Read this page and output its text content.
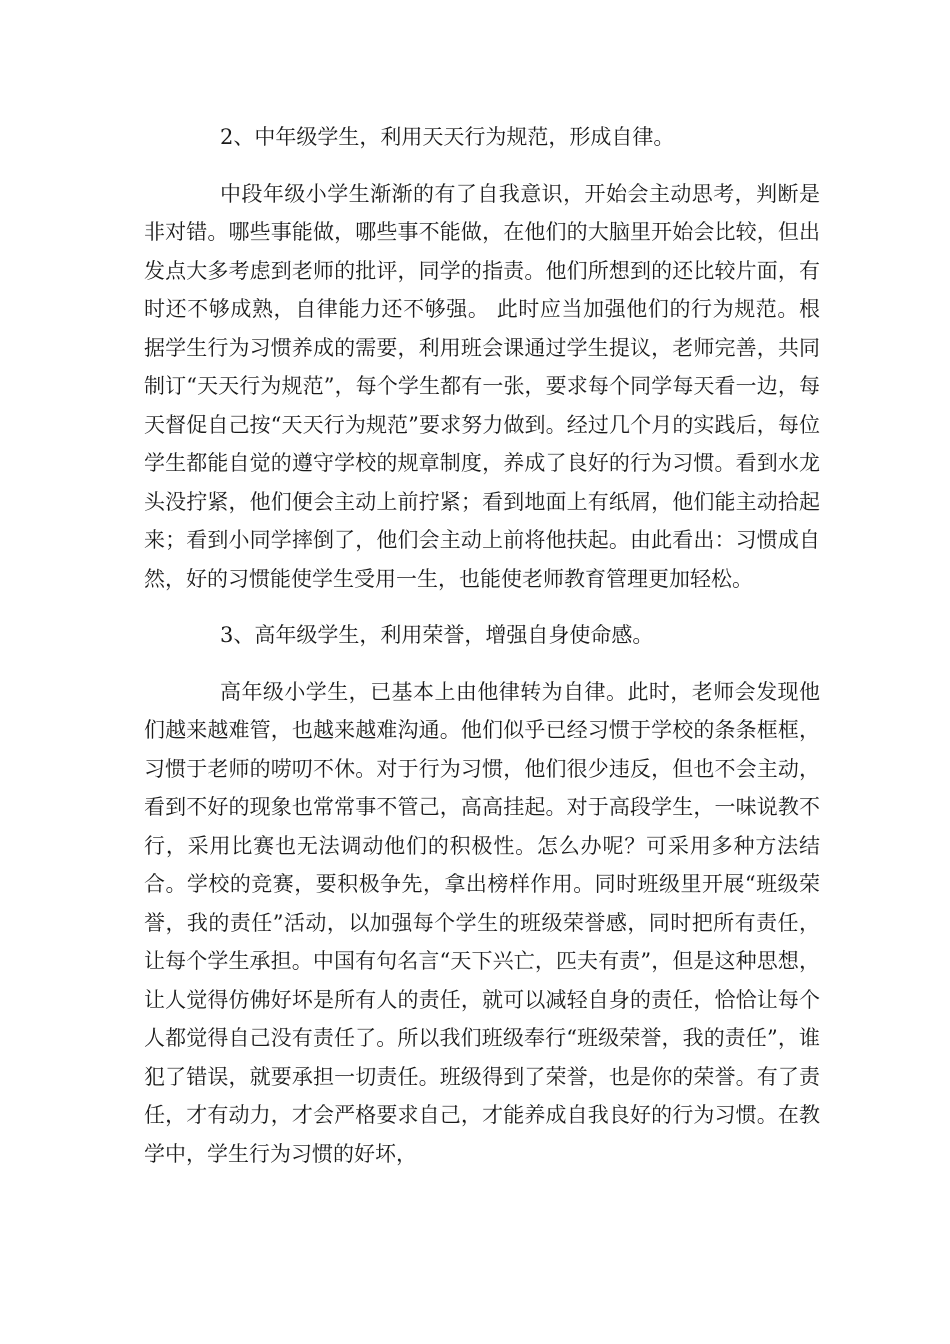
2、中年级学生，利用天天行为规范，形成自律。

中段年级小学生渐渐的有了自我意识，开始会主动思考，判断是非对错。哪些事能做，哪些事不能做，在他们的大脑里开始会比较，但出发点大多考虑到老师的批评，同学的指责。他们所想到的还比较片面，有时还不够成熟，自律能力还不够强。 此时应当加强他们的行为规范。根据学生行为习惯养成的需要，利用班会课通过学生提议，老师完善，共同制订“天天行为规范”，每个学生都有一张，要求每个同学每天看一边，每天督促自己按“天天行为规范”要求努力做到。经过几个月的实践后，每位学生都能自觉的遵守学校的规章制度，养成了良好的行为习惯。看到水龙头没拧紧，他们便会主动上前拧紧；看到地面上有纸屑，他们能主动拾起来；看到小同学摔倒了，他们会主动上前将他扶起。由此看出：习惯成自然，好的习惯能使学生受用一生，也能使老师教育管理更加轻松。

3、高年级学生，利用荣誉，增强自身使命感。

高年级小学生，已基本上由他律转为自律。此时，老师会发现他们越来越难管，也越来越难沟通。他们似乎已经习惯于学校的条条框框，习惯于老师的唠叨不休。对于行为习惯，他们很少违反，但也不会主动，看到不好的现象也常常事不管己，高高挂起。对于高段学生，一味说教不行，采用比赛也无法调动他们的积极性。怎么办呢？可采用多种方法结合。学校的竞赛，要积极争先，拿出榜样作用。同时班级里开展“班级荣誉，我的责任”活动，以加强每个学生的班级荣誉感，同时把所有责任，让每个学生承担。中国有句名言“天下兴亡，匹夫有责”，但是这种思想，让人觉得仿佛好坏是所有人的责任，就可以减轻自身的责任，恰恰让每个人都觉得自己没有责任了。所以我们班级奉行“班级荣誉，我的责任”，谁犯了错误，就要承担一切责任。班级得到了荣誉，也是你的荣誉。有了责任，才有动力，才会严格要求自己，才能养成自我良好的行为习惯。在教学中，学生行为习惯的好坏，
